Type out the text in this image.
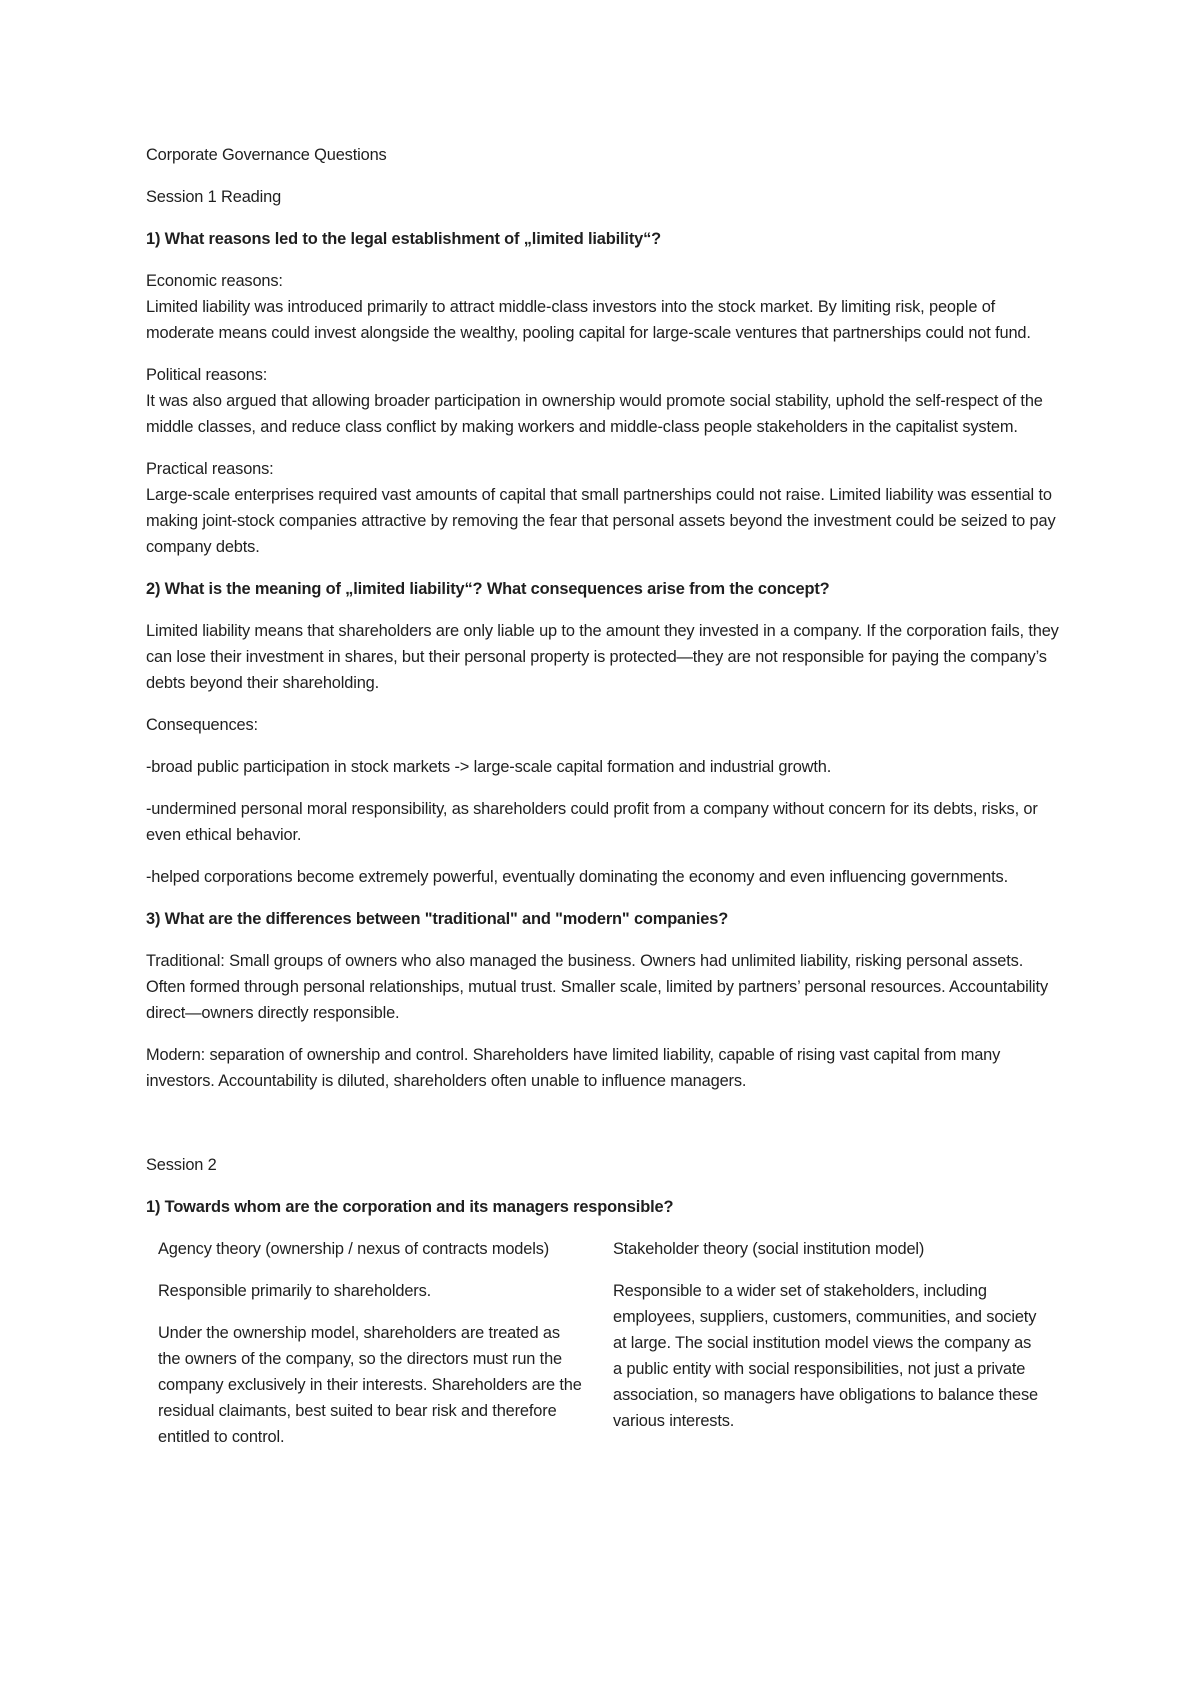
Corporate Governance Questions

Session 1 Reading

1) What reasons led to the legal establishment of „limited liability“?

Economic reasons:
Limited liability was introduced primarily to attract middle-class investors into the stock market. By limiting risk, people of moderate means could invest alongside the wealthy, pooling capital for large-scale ventures that partnerships could not fund.

Political reasons:
It was also argued that allowing broader participation in ownership would promote social stability, uphold the self-respect of the middle classes, and reduce class conflict by making workers and middle-class people stakeholders in the capitalist system.

Practical reasons:
Large-scale enterprises required vast amounts of capital that small partnerships could not raise. Limited liability was essential to making joint-stock companies attractive by removing the fear that personal assets beyond the investment could be seized to pay company debts.

2) What is the meaning of „limited liability“? What consequences arise from the concept?

Limited liability means that shareholders are only liable up to the amount they invested in a company. If the corporation fails, they can lose their investment in shares, but their personal property is protected—they are not responsible for paying the company’s debts beyond their shareholding.

Consequences:

-broad public participation in stock markets -> large-scale capital formation and industrial growth.

-undermined personal moral responsibility, as shareholders could profit from a company without concern for its debts, risks, or even ethical behavior.

-helped corporations become extremely powerful, eventually dominating the economy and even influencing governments.

3) What are the differences between "traditional" and "modern" companies?

Traditional: Small groups of owners who also managed the business. Owners had unlimited liability, risking personal assets. Often formed through personal relationships, mutual trust. Smaller scale, limited by partners’ personal resources. Accountability direct—owners directly responsible.

Modern: separation of ownership and control. Shareholders have limited liability, capable of rising vast capital from many investors. Accountability is diluted, shareholders often unable to influence managers.

Session 2

1) Towards whom are the corporation and its managers responsible?

Agency theory (ownership / nexus of contracts models)

Responsible primarily to shareholders.

Under the ownership model, shareholders are treated as the owners of the company, so the directors must run the company exclusively in their interests. Shareholders are the residual claimants, best suited to bear risk and therefore entitled to control.

Stakeholder theory (social institution model)

Responsible to a wider set of stakeholders, including employees, suppliers, customers, communities, and society at large. The social institution model views the company as a public entity with social responsibilities, not just a private association, so managers have obligations to balance these various interests.
